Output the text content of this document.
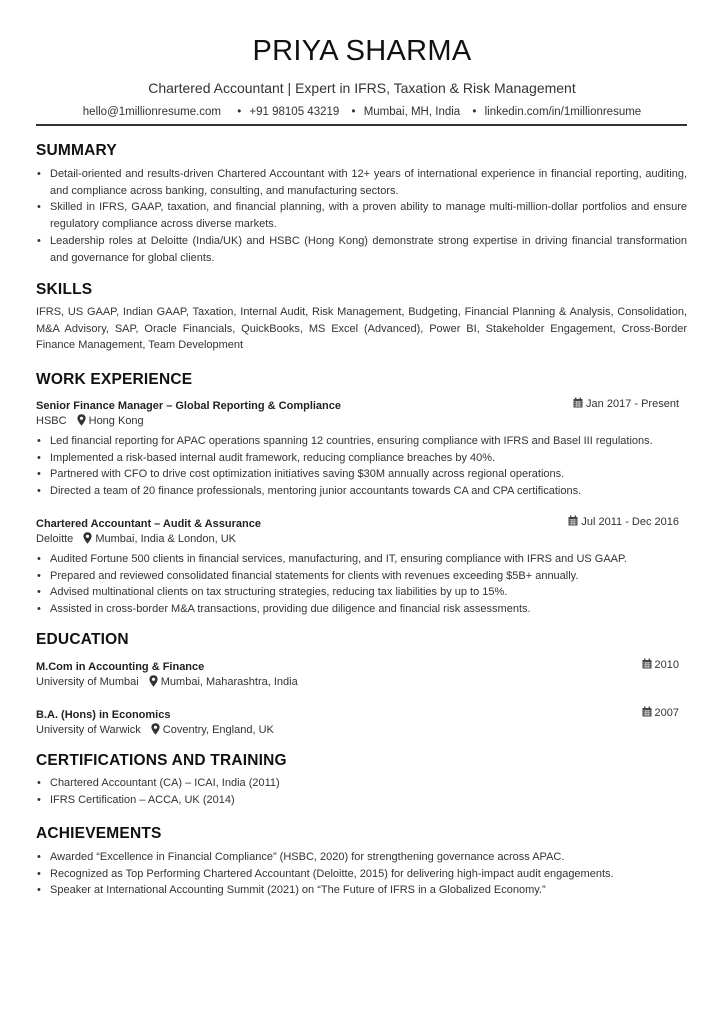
PRIYA SHARMA
Chartered Accountant | Expert in IFRS, Taxation & Risk Management
hello@1millionresume.com • +91 98105 43219 • Mumbai, MH, India • linkedin.com/in/1millionresume
SUMMARY
• Detail-oriented and results-driven Chartered Accountant with 12+ years of international experience in financial reporting, auditing, and compliance across banking, consulting, and manufacturing sectors.
• Skilled in IFRS, GAAP, taxation, and financial planning, with a proven ability to manage multi-million-dollar portfolios and ensure regulatory compliance across diverse markets.
• Leadership roles at Deloitte (India/UK) and HSBC (Hong Kong) demonstrate strong expertise in driving financial transformation and governance for global clients.
SKILLS
IFRS, US GAAP, Indian GAAP, Taxation, Internal Audit, Risk Management, Budgeting, Financial Planning & Analysis, Consolidation, M&A Advisory, SAP, Oracle Financials, QuickBooks, MS Excel (Advanced), Power BI, Stakeholder Engagement, Cross-Border Finance Management, Team Development
WORK EXPERIENCE
Senior Finance Manager – Global Reporting & Compliance	Jan 2017 - Present
HSBC Hong Kong
• Led financial reporting for APAC operations spanning 12 countries, ensuring compliance with IFRS and Basel III regulations.
• Implemented a risk-based internal audit framework, reducing compliance breaches by 40%.
• Partnered with CFO to drive cost optimization initiatives saving $30M annually across regional operations.
• Directed a team of 20 finance professionals, mentoring junior accountants towards CA and CPA certifications.
Chartered Accountant – Audit & Assurance	Jul 2011 - Dec 2016
Deloitte Mumbai, India & London, UK
• Audited Fortune 500 clients in financial services, manufacturing, and IT, ensuring compliance with IFRS and US GAAP.
• Prepared and reviewed consolidated financial statements for clients with revenues exceeding $5B+ annually.
• Advised multinational clients on tax structuring strategies, reducing tax liabilities by up to 15%.
• Assisted in cross-border M&A transactions, providing due diligence and financial risk assessments.
EDUCATION
M.Com in Accounting & Finance	2010
University of Mumbai Mumbai, Maharashtra, India
B.A. (Hons) in Economics	2007
University of Warwick Coventry, England, UK
CERTIFICATIONS AND TRAINING
• Chartered Accountant (CA) – ICAI, India (2011)
• IFRS Certification – ACCA, UK (2014)
ACHIEVEMENTS
• Awarded “Excellence in Financial Compliance” (HSBC, 2020) for strengthening governance across APAC.
• Recognized as Top Performing Chartered Accountant (Deloitte, 2015) for delivering high-impact audit engagements.
• Speaker at International Accounting Summit (2021) on “The Future of IFRS in a Globalized Economy.”
